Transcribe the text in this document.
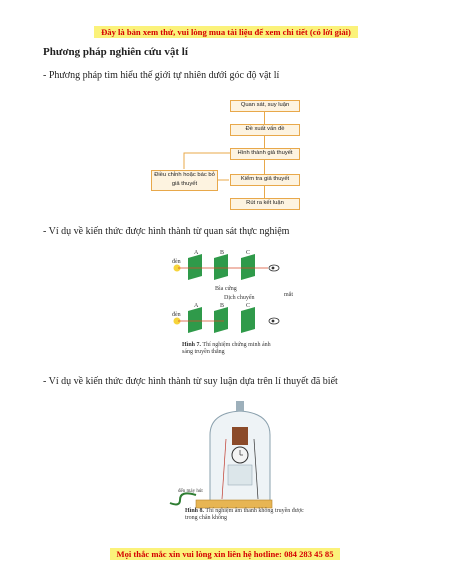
Đây là bản xem thử, vui lòng mua tài liệu để xem chi tiết (có lời giải)
Phương pháp nghiên cứu vật lí
- Phương pháp tìm hiểu thế giới tự nhiên dưới góc độ vật lí
Quan sát, suy luận
Đề xuất vấn đề
Hình thành giả thuyết
Kiểm tra giả thuyết
Rút ra kết luận
Điều chỉnh hoặc bác bỏ giả thuyết
- Ví dụ về kiến thức được hình thành từ quan sát thực nghiệm
đèn
A	B	C
Bìa cứng
Dịch chuyển	mắt
đèn
A	B	C
Hình 7. Thí nghiệm chứng minh ánh sáng truyền thẳng
- Ví dụ về kiến thức được hình thành từ suy luận dựa trên lí thuyết đã biết
đến máy hút
Hình 8. Thí nghiệm âm thanh không truyền được trong chân không
Mọi thắc mắc xin vui lòng xin liên hệ hotline: 084 283 45 85
